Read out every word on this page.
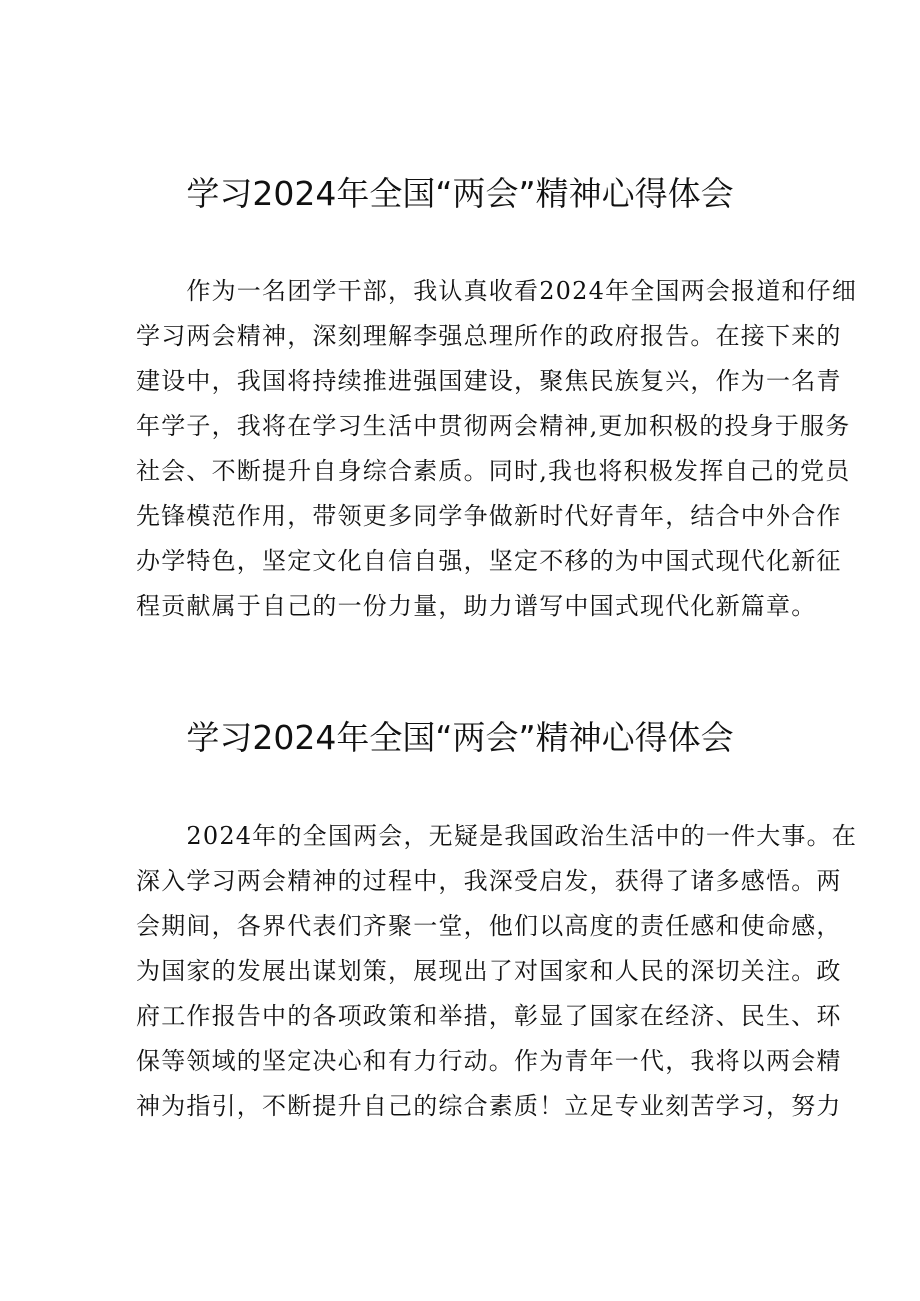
学习2024年全国“两会”精神心得体会
　　作为一名团学干部，我认真收看2024年全国两会报道和仔细
学习两会精神，深刻理解李强总理所作的政府报告。在接下来的
建设中，我国将持续推进强国建设，聚焦民族复兴，作为一名青
年学子，我将在学习生活中贯彻两会精神,更加积极的投身于服务
社会、不断提升自身综合素质。同时,我也将积极发挥自己的党员
先锋模范作用，带领更多同学争做新时代好青年，结合中外合作
办学特色，坚定文化自信自强，坚定不移的为中国式现代化新征
程贡献属于自己的一份力量，助力谱写中国式现代化新篇章。
学习2024年全国“两会”精神心得体会
　　2024年的全国两会，无疑是我国政治生活中的一件大事。在
深入学习两会精神的过程中，我深受启发，获得了诸多感悟。两
会期间，各界代表们齐聚一堂，他们以高度的责任感和使命感，
为国家的发展出谋划策，展现出了对国家和人民的深切关注。政
府工作报告中的各项政策和举措，彰显了国家在经济、民生、环
保等领域的坚定决心和有力行动。作为青年一代，我将以两会精
神为指引，不断提升自己的综合素质！立足专业刻苦学习，努力
